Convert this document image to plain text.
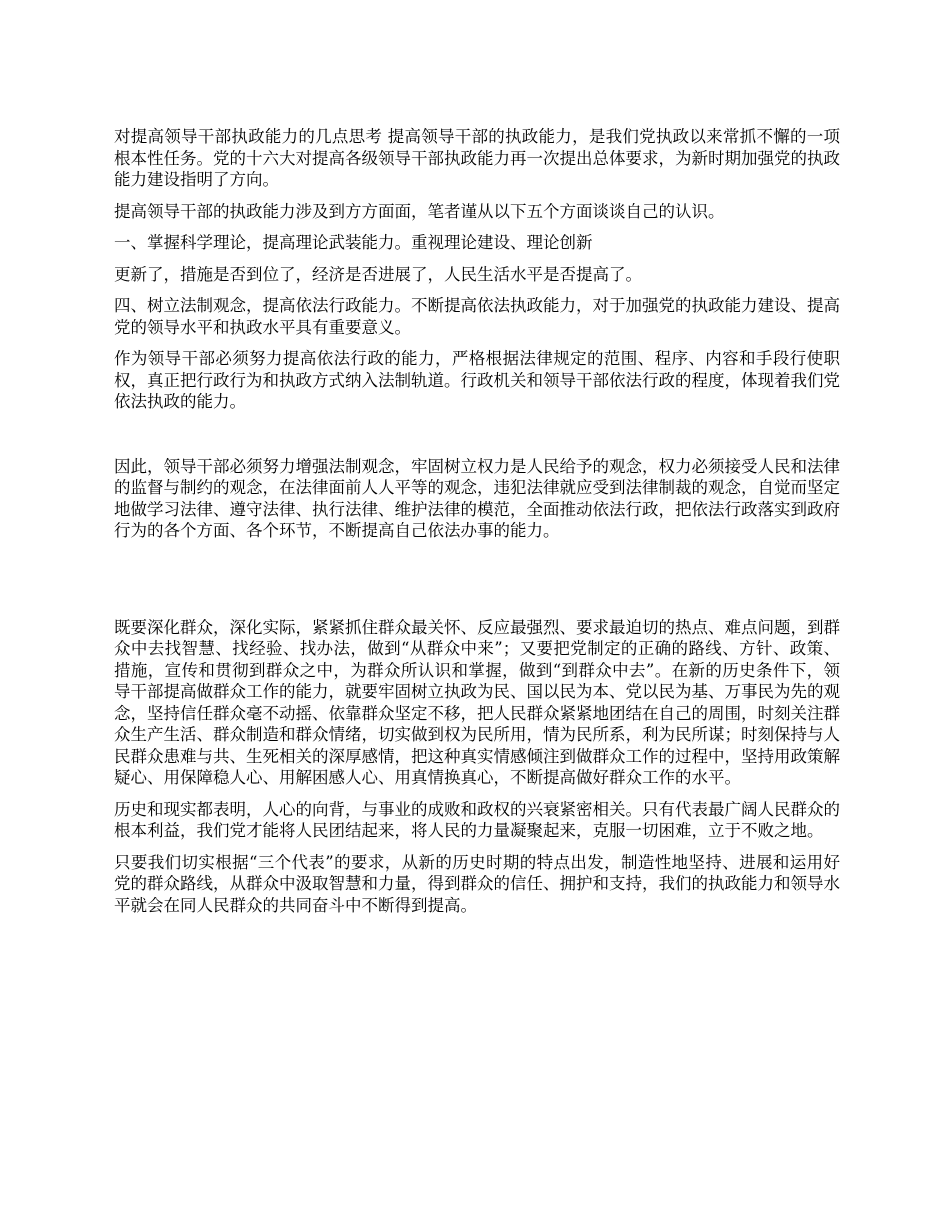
对提高领导干部执政能力的几点思考 提高领导干部的执政能力，是我们党执政以来常抓不懈的一项根本性任务。党的十六大对提高各级领导干部执政能力再一次提出总体要求，为新时期加强党的执政能力建设指明了方向。

提高领导干部的执政能力涉及到方方面面，笔者谨从以下五个方面谈谈自己的认识。

一、掌握科学理论，提高理论武装能力。重视理论建设、理论创新

更新了，措施是否到位了，经济是否进展了，人民生活水平是否提高了。

四、树立法制观念，提高依法行政能力。不断提高依法执政能力，对于加强党的执政能力建设、提高党的领导水平和执政水平具有重要意义。

作为领导干部必须努力提高依法行政的能力，严格根据法律规定的范围、程序、内容和手段行使职权，真正把行政行为和执政方式纳入法制轨道。行政机关和领导干部依法行政的程度，体现着我们党依法执政的能力。

因此，领导干部必须努力增强法制观念，牢固树立权力是人民给予的观念，权力必须接受人民和法律的监督与制约的观念，在法律面前人人平等的观念，违犯法律就应受到法律制裁的观念，自觉而坚定地做学习法律、遵守法律、执行法律、维护法律的模范，全面推动依法行政，把依法行政落实到政府行为的各个方面、各个环节，不断提高自己依法办事的能力。

既要深化群众，深化实际，紧紧抓住群众最关怀、反应最强烈、要求最迫切的热点、难点问题，到群众中去找智慧、找经验、找办法，做到“从群众中来”；又要把党制定的正确的路线、方针、政策、措施，宣传和贯彻到群众之中，为群众所认识和掌握，做到“到群众中去”。在新的历史条件下，领导干部提高做群众工作的能力，就要牢固树立执政为民、国以民为本、党以民为基、万事民为先的观念，坚持信任群众毫不动摇、依靠群众坚定不移，把人民群众紧紧地团结在自己的周围，时刻关注群众生产生活、群众制造和群众情绪，切实做到权为民所用，情为民所系，利为民所谋；时刻保持与人民群众患难与共、生死相关的深厚感情，把这种真实情感倾注到做群众工作的过程中，坚持用政策解疑心、用保障稳人心、用解困感人心、用真情换真心，不断提高做好群众工作的水平。

历史和现实都表明，人心的向背，与事业的成败和政权的兴衰紧密相关。只有代表最广阔人民群众的根本利益，我们党才能将人民团结起来，将人民的力量凝聚起来，克服一切困难，立于不败之地。

只要我们切实根据“三个代表”的要求，从新的历史时期的特点出发，制造性地坚持、进展和运用好党的群众路线，从群众中汲取智慧和力量，得到群众的信任、拥护和支持，我们的执政能力和领导水平就会在同人民群众的共同奋斗中不断得到提高。
